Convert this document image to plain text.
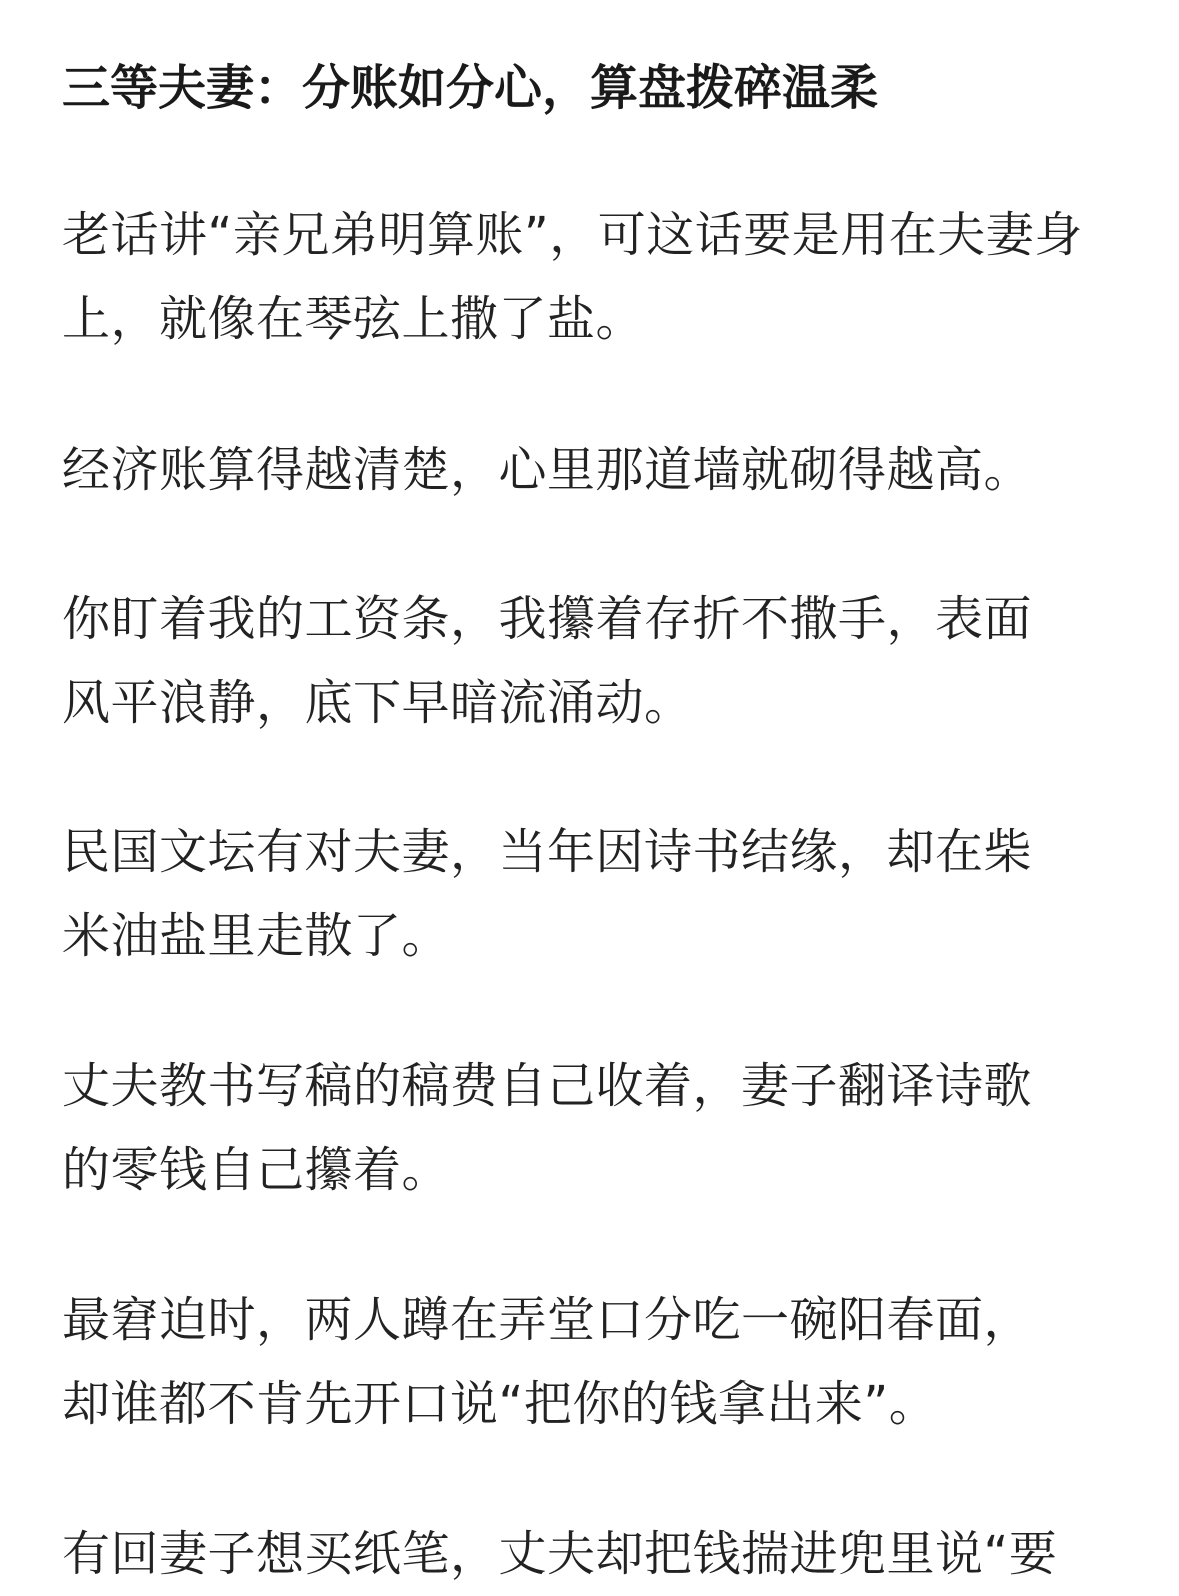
三等夫妻：分账如分心，算盘拨碎温柔

老话讲“亲兄弟明算账”，可这话要是用在夫妻身
上，就像在琴弦上撒了盐。

经济账算得越清楚，心里那道墙就砌得越高。

你盯着我的工资条，我攥着存折不撒手，表面
风平浪静，底下早暗流涌动。

民国文坛有对夫妻，当年因诗书结缘，却在柴
米油盐里走散了。

丈夫教书写稿的稿费自己收着，妻子翻译诗歌
的零钱自己攥着。

最窘迫时，两人蹲在弄堂口分吃一碗阳春面，
却谁都不肯先开口说“把你的钱拿出来”。

有回妻子想买纸笔，丈夫却把钱揣进兜里说“要
